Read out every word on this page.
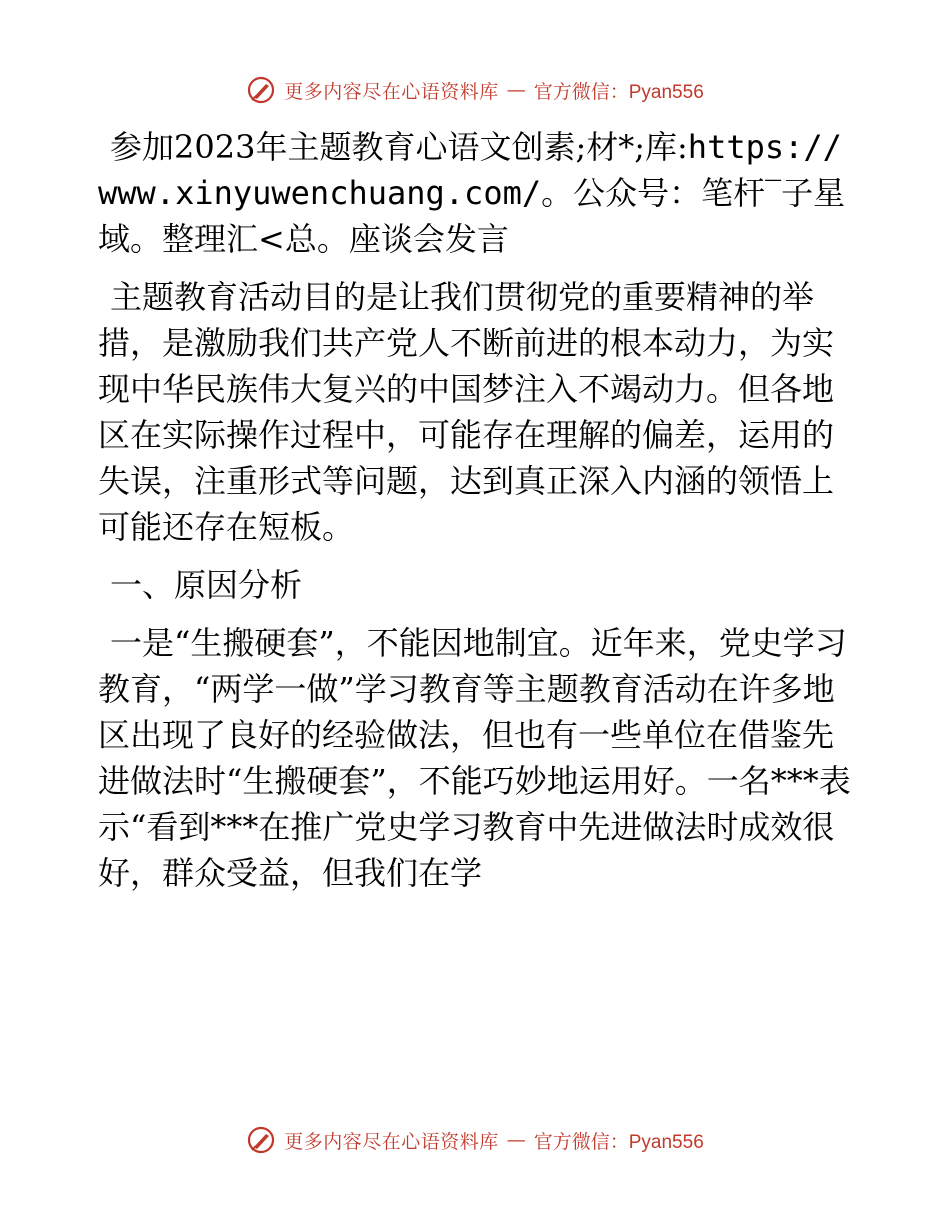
更多内容尽在心语资料库 — 官方微信：Pyan556

参加2023年主题教育心语文创素;材*;库:https://www.xinyuwenchuang.com/。公众号：笔杆‾子星域。整理汇<总。座谈会发言

主题教育活动目的是让我们贯彻党的重要精神的举措，是激励我们共产党人不断前进的根本动力，为实现中华民族伟大复兴的中国梦注入不竭动力。但各地区在实际操作过程中，可能存在理解的偏差，运用的失误，注重形式等问题，达到真正深入内涵的领悟上可能还存在短板。

一、原因分析

一是“生搬硬套”，不能因地制宜。近年来，党史学习教育，“两学一做”学习教育等主题教育活动在许多地区出现了良好的经验做法，但也有一些单位在借鉴先进做法时“生搬硬套”，不能巧妙地运用好。一名***表示“看到***在推广党史学习教育中先进做法时成效很好，群众受益，但我们在学

更多内容尽在心语资料库 — 官方微信：Pyan556
